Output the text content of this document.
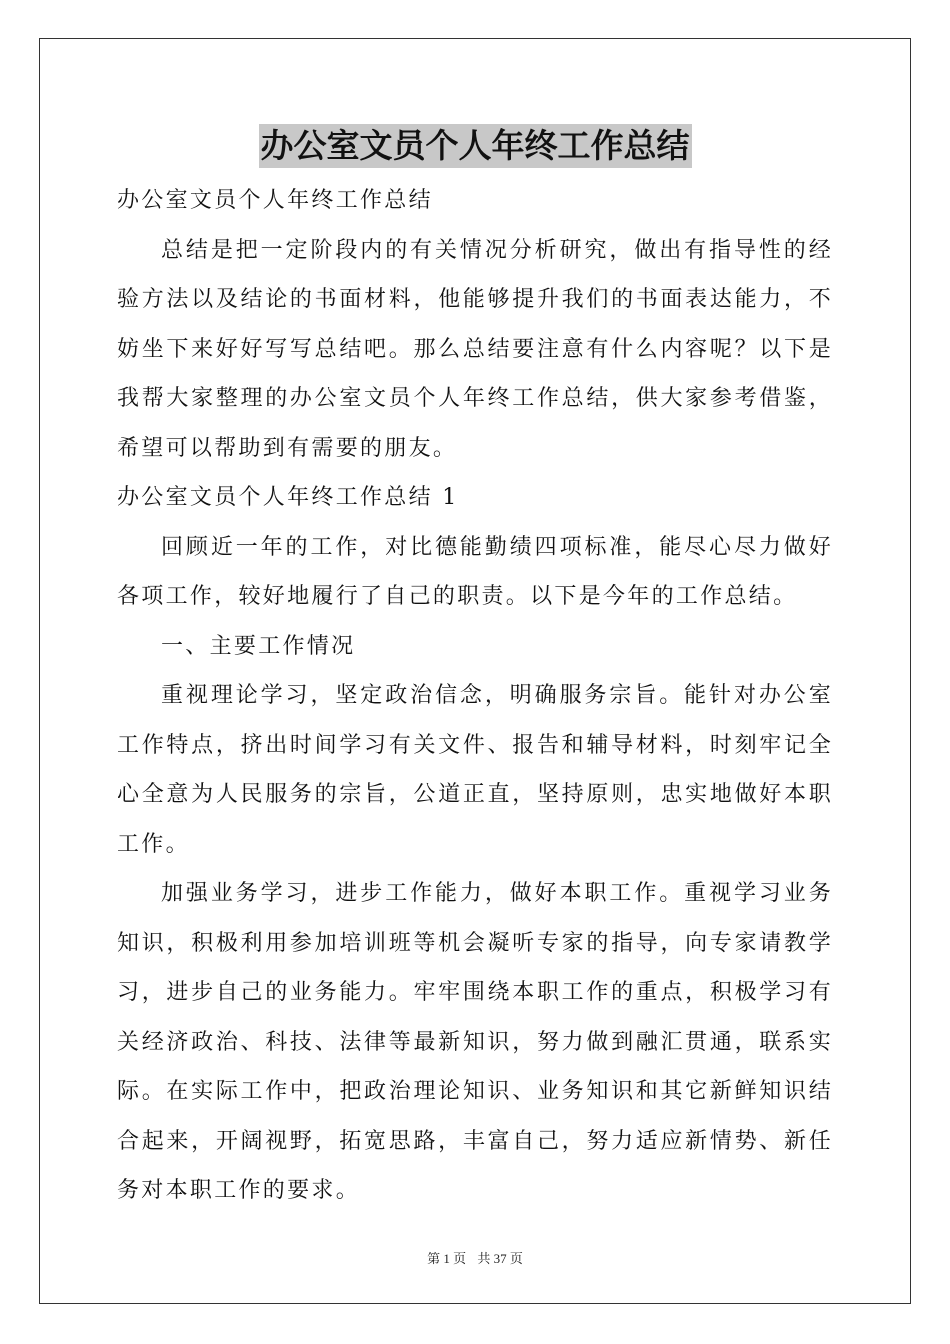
办公室文员个人年终工作总结

办公室文员个人年终工作总结

总结是把一定阶段内的有关情况分析研究，做出有指导性的经验方法以及结论的书面材料，他能够提升我们的书面表达能力，不妨坐下来好好写写总结吧。那么总结要注意有什么内容呢？以下是我帮大家整理的办公室文员个人年终工作总结，供大家参考借鉴，希望可以帮助到有需要的朋友。

办公室文员个人年终工作总结 1

回顾近一年的工作，对比德能勤绩四项标准，能尽心尽力做好各项工作，较好地履行了自己的职责。以下是今年的工作总结。

一、主要工作情况

重视理论学习，坚定政治信念，明确服务宗旨。能针对办公室工作特点，挤出时间学习有关文件、报告和辅导材料，时刻牢记全心全意为人民服务的宗旨，公道正直，坚持原则，忠实地做好本职工作。

加强业务学习，进步工作能力，做好本职工作。重视学习业务知识，积极利用参加培训班等机会凝听专家的指导，向专家请教学习，进步自己的业务能力。牢牢围绕本职工作的重点，积极学习有关经济政治、科技、法律等最新知识，努力做到融汇贯通，联系实际。在实际工作中，把政治理论知识、业务知识和其它新鲜知识结合起来，开阔视野，拓宽思路，丰富自己，努力适应新情势、新任务对本职工作的要求。

第 1 页 共 37 页
